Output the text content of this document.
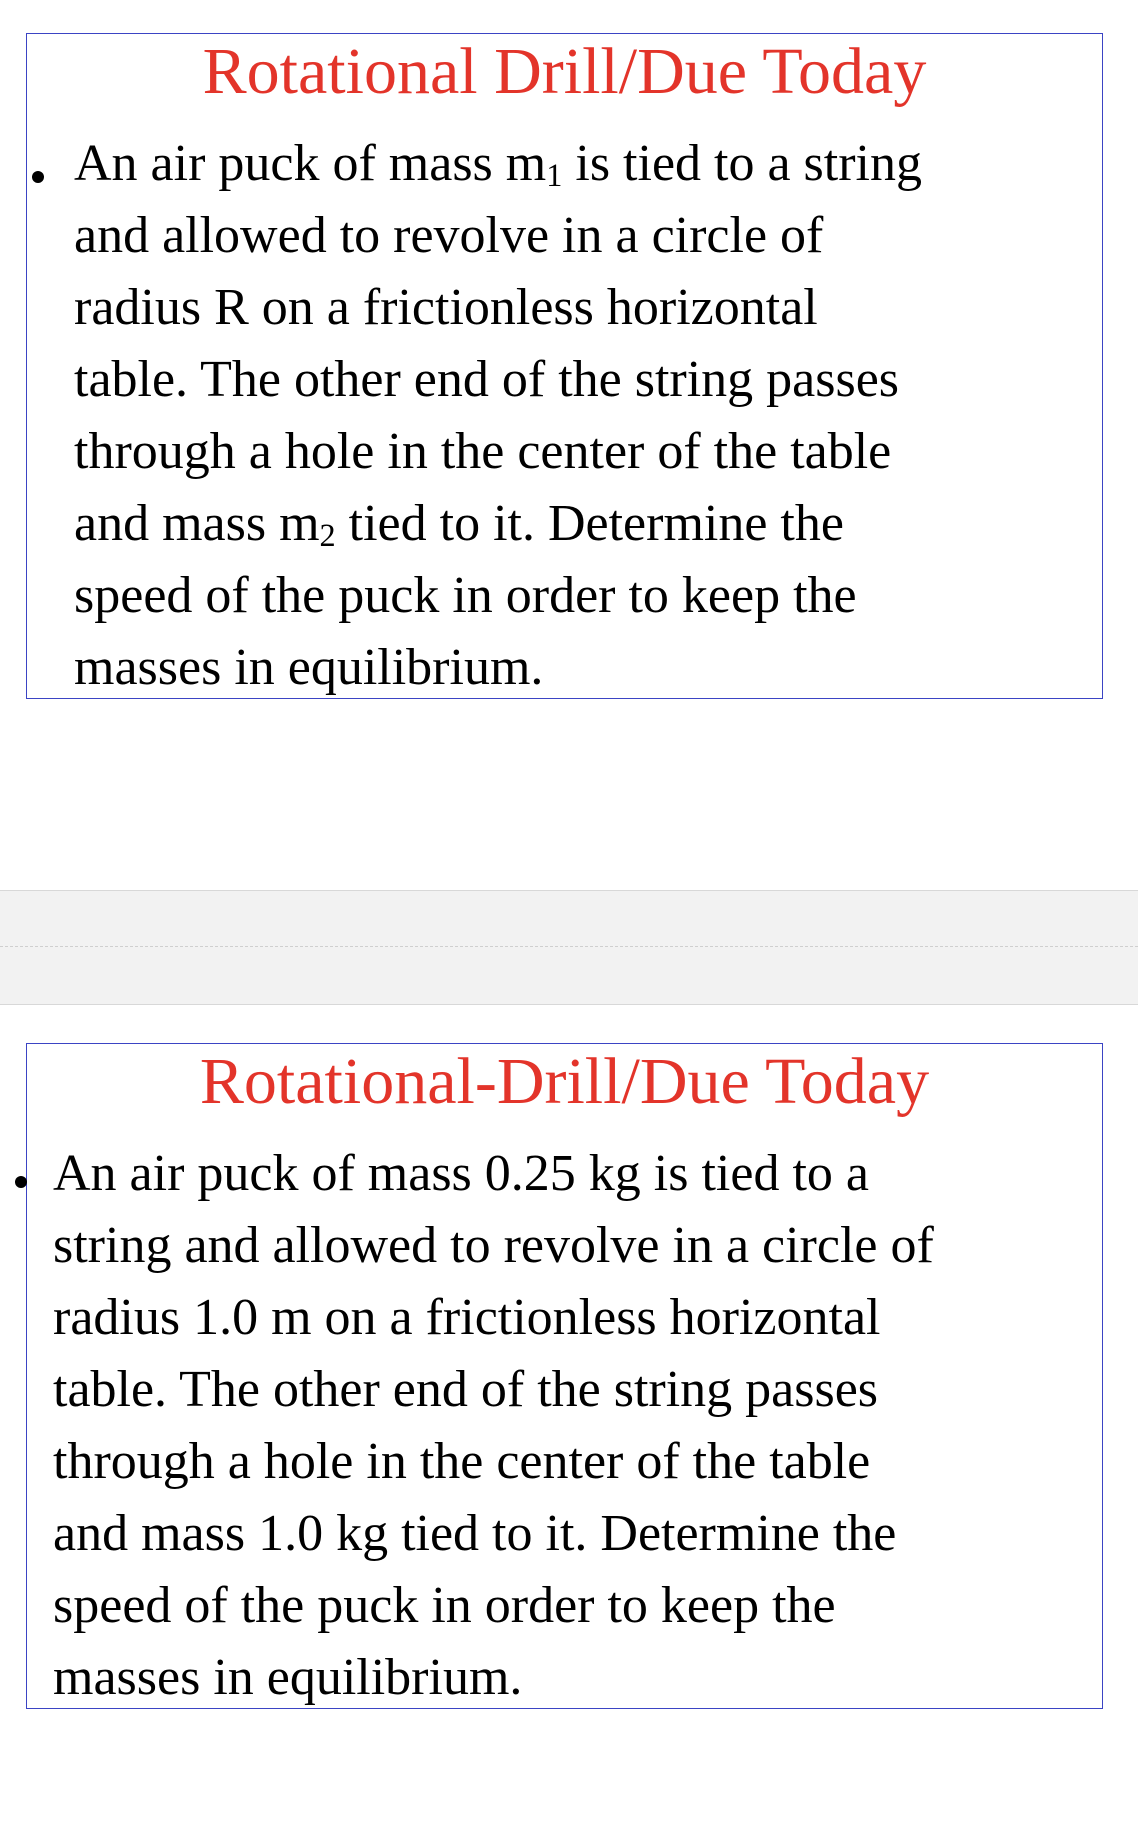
Rotational Drill/Due Today

An air puck of mass $m_1$ is tied to a string
and allowed to revolve in a circle of
radius R on a frictionless horizontal
table. The other end of the string passes
through a hole in the center of the table
and mass $m_2$ tied to it. Determine the
speed of the puck in order to keep the
masses in equilibrium.

Rotational-Drill/Due Today

An air puck of mass 0.25 kg is tied to a
string and allowed to revolve in a circle of
radius 1.0 m on a frictionless horizontal
table. The other end of the string passes
through a hole in the center of the table
and mass 1.0 kg tied to it. Determine the
speed of the puck in order to keep the
masses in equilibrium.
